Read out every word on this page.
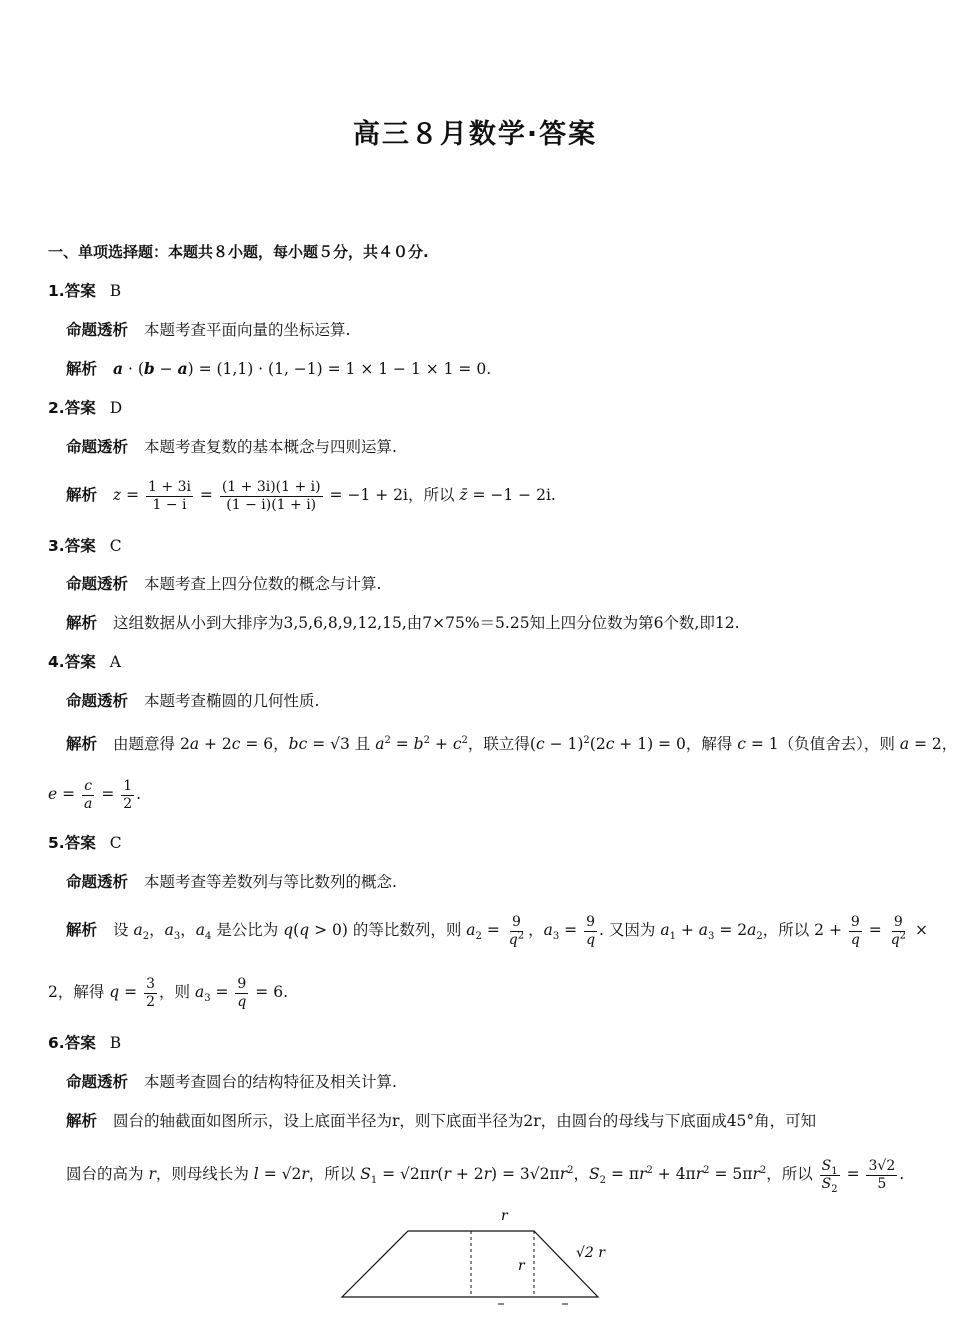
高三８月数学·答案
一、单项选择题：本题共８小题，每小题５分，共４０分.
1.答案 B
命题透析 本题考查平面向量的坐标运算.
解析 a · (b − a) = (1,1) · (1, −1) = 1 × 1 − 1 × 1 = 0.
2.答案 D
命题透析 本题考查复数的基本概念与四则运算.
解析 $z = \frac{1 + 3i}{1 - i} = \frac{(1 + 3i)(1 + i)}{(1 - i)(1 + i)} = -1 + 2i$，所以 z̄ = −1 − 2i.
3.答案 C
命题透析 本题考查上四分位数的概念与计算.
解析 这组数据从小到大排序为3,5,6,8,9,12,15,由7×75%＝5.25知上四分位数为第6个数,即12.
4.答案 A
命题透析 本题考查椭圆的几何性质.
解析 由题意得 2a + 2c = 6，bc = √3 且 $a^2 = b^2 + c^2$，联立得$(c - 1)^2(2c + 1) = 0$，解得 c = 1（负值舍去），则 a = 2，
$e = \frac{c}{a} = \frac{1}{2}$ .
5.答案 C
命题透析 本题考查等差数列与等比数列的概念.
解析 设 $a_2$，$a_3$，$a_4$ 是公比为 q(q > 0) 的等比数列，则 $a_2 = \frac{9}{q^2}$ ，$a_3 = \frac{9}{q}$ . 又因为 $a_1 + a_3 = 2a_2$，所以 $2 + \frac{9}{q} = \frac{9}{q^2}$ ×
2，解得 $q = \frac{3}{2}$ ，则 $a_3 = \frac{9}{q} = 6$.
6.答案 B
命题透析 本题考查圆台的结构特征及相关计算.
解析 圆台的轴截面如图所示，设上底面半径为r，则下底面半径为2r，由圆台的母线与下底面成45°角，可知
圆台的高为 r，则母线长为 l = √2r，所以 $S_1 = √2\pi r(r + 2r) = 3√2\pi r^2$，$S_2 = \pi r^2 + 4\pi r^2 = 5\pi r^2$，所以 $\frac{S_1}{S_2} = \frac{3√2}{5}$ .
r
r
√2 r
